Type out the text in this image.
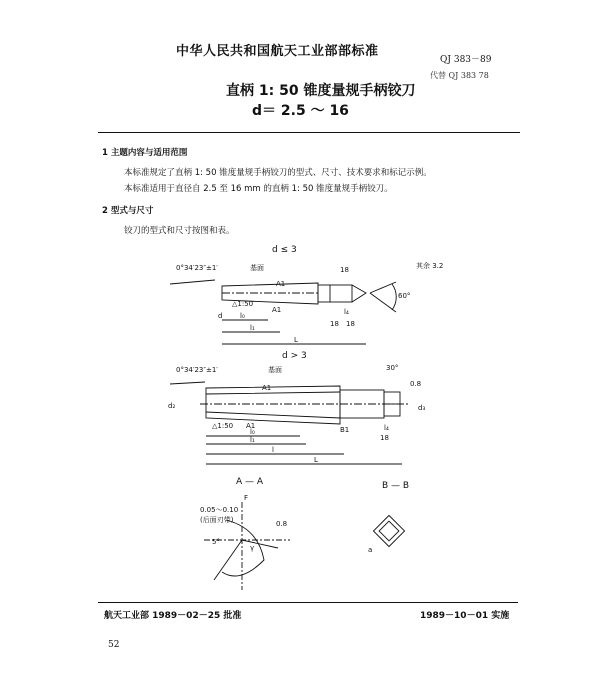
中华人民共和国航天工业部部标准
QJ 383－89
代替 QJ 383 78
直柄 1: 50 锥度量规手柄铰刀
d＝ 2.5 ～ 16
1 主题内容与适用范围
本标准规定了直柄 1: 50 锥度量规手柄铰刀的型式、尺寸、技术要求和标记示例。
本标准适用于直径自 2.5 至 16 mm 的直柄 1: 50 锥度量规手柄铰刀。
2 型式与尺寸
铰刀的型式和尺寸按图和表。
d ≤ 3
0°34′23″±1′	基面	18	其余 3.2
60°
A1
A1
△1:50
l₀
l₁	18 18
l₄
L
d
d > 3
0°34′23″±1′	基面	30°
A1
B1
d₂	d₃
0.8
△1:50 A1
l₀	l₄
18
l₁
l
L
A — A	B — B
0.05～0.10
(后面刃带)
F
5°
γ
0.8
a
航天工业部 1989－02－25 批准	1989－10－01 实施
52
